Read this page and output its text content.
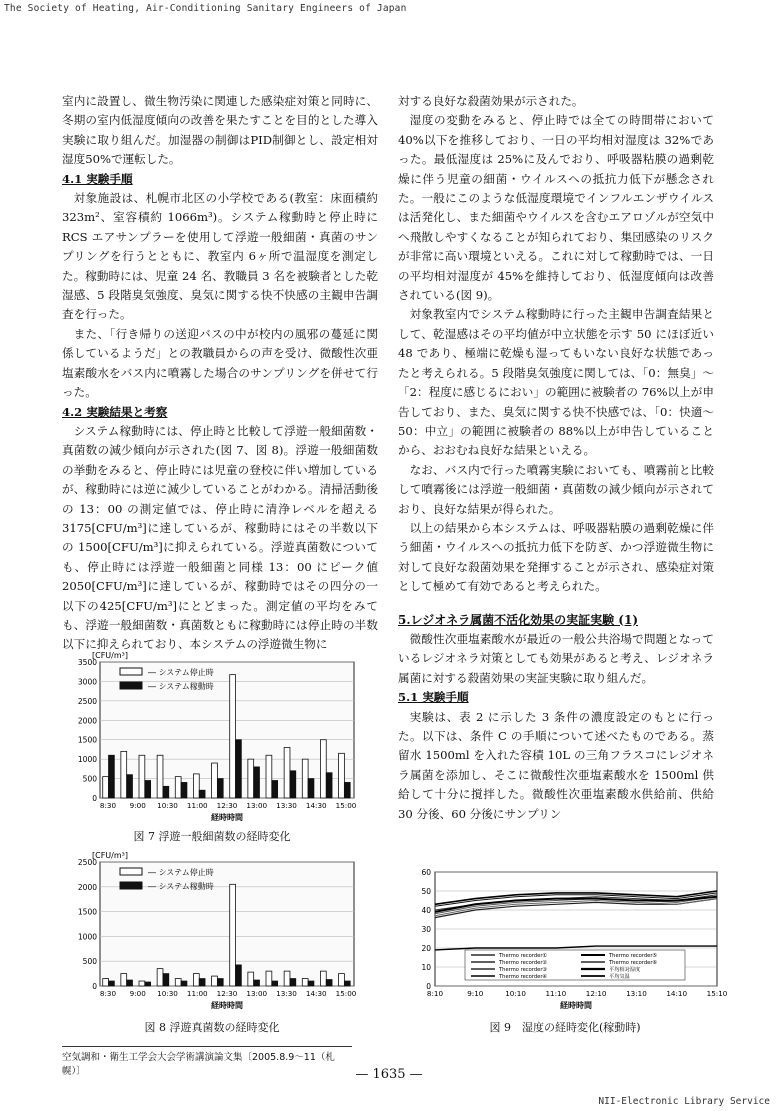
The Society of Heating, Air-Conditioning Sanitary Engineers of Japan

室内に設置し、微生物汚染に関連した感染症対策と同時に、冬期の室内低湿度傾向の改善を果たすことを目的とした導入実験に取り組んだ。加湿器の制御はPID制御とし、設定相対湿度50%で運転した。

4.1 実験手順

対象施設は、札幌市北区の小学校である(教室：床面積約 323m²、室容積約 1066m³)。システム稼動時と停止時に RCS エアサンプラーを使用して浮遊一般細菌・真菌のサンプリングを行うとともに、教室内 6ヶ所で温湿度を測定した。稼動時には、児童 24 名、教職員 3 名を被験者とした乾湿感、5 段階臭気強度、臭気に関する快不快感の主観申告調査を行った。

また、「行き帰りの送迎バスの中が校内の風邪の蔓延に関係しているようだ」との教職員からの声を受け、微酸性次亜塩素酸水をバス内に噴霧した場合のサンプリングを併せて行った。

4.2 実験結果と考察

システム稼動時には、停止時と比較して浮遊一般細菌数・真菌数の減少傾向が示された(図 7、図 8)。浮遊一般細菌数の挙動をみると、停止時には児童の登校に伴い増加しているが、稼動時には逆に減少していることがわかる。清掃活動後の 13：00 の測定値では、停止時に清浄レベルを超える 3175[CFU/m³]に達しているが、稼動時にはその半数以下の 1500[CFU/m³]に抑えられている。浮遊真菌数についても、停止時には浮遊一般細菌と同様 13：00 にピーク値 2050[CFU/m³]に達しているが、稼動時ではその四分の一以下の425[CFU/m³]にとどまった。測定値の平均をみても、浮遊一般細菌数・真菌数ともに稼動時には停止時の半数以下に抑えられており、本システムの浮遊微生物に

対する良好な殺菌効果が示された。

湿度の変動をみると、停止時では全ての時間帯において 40%以下を推移しており、一日の平均相対湿度は 32%であった。最低湿度は 25%に及んでおり、呼吸器粘膜の過剰乾燥に伴う児童の細菌・ウイルスへの抵抗力低下が懸念された。一般にこのような低湿度環境でインフルエンザウイルスは活発化し、また細菌やウイルスを含むエアロゾルが空気中へ飛散しやすくなることが知られており、集団感染のリスクが非常に高い環境といえる。これに対して稼動時では、一日の平均相対湿度が 45%を維持しており、低湿度傾向は改善されている(図 9)。

対象教室内でシステム稼動時に行った主観申告調査結果として、乾湿感はその平均値が中立状態を示す 50 にほぼ近い 48 であり、極端に乾燥も湿ってもいない良好な状態であったと考えられる。5 段階臭気強度に関しては、「0：無臭」～「2：程度に感じるにおい」の範囲に被験者の 76%以上が申告しており、また、臭気に関する快不快感では、「0：快適～50：中立」の範囲に被験者の 88%以上が申告していることから、おおむね良好な結果といえる。

なお、バス内で行った噴霧実験においても、噴霧前と比較して噴霧後には浮遊一般細菌・真菌数の減少傾向が示されており、良好な結果が得られた。

以上の結果から本システムは、呼吸器粘膜の過剰乾燥に伴う細菌・ウイルスへの抵抗力低下を防ぎ、かつ浮遊微生物に対して良好な殺菌効果を発揮することが示され、感染症対策として極めて有効であると考えられた。

5.レジオネラ属菌不活化効果の実証実験 (1)

微酸性次亜塩素酸水が最近の一般公共浴場で問題となっているレジオネラ対策としても効果があると考え、レジオネラ属菌に対する殺菌効果の実証実験に取り組んだ。

5.1 実験手順

実験は、表 2 に示した 3 条件の濃度設定のもとに行った。以下は、条件 C の手順について述べたものである。蒸留水 1500ml を入れた容積 10L の三角フラスコにレジオネラ属菌を添加し、そこに微酸性次亜塩素酸水を 1500ml 供給して十分に撹拌した。微酸性次亜塩素酸水供給前、供給 30 分後、60 分後にサンプリン

[CFU/m³]
0
500
1000
1500
2000
2500
3000
3500
8:30 9:00 10:30 11:00 12:30 13:00 13:30 14:30 15:00
経時時間
― システム停止時
― システム稼動時
図 7 浮遊一般細菌数の経時変化
[CFU/m³]
0
500
1000
1500
2000
2500
8:30 9:00 10:30 11:00 12:30 13:00 13:30 14:30 15:00
経時時間
― システム停止時
― システム稼動時
図 8 浮遊真菌数の経時変化
0
10
20
30
40
50
60
8:10	9:10	10:10	11:10	12:10	13:10	14:10	15:10
経時時間
Thermo recorder①
Thermo recorder②
Thermo recorder③
Thermo recorder④
Thermo recorder⑤
Thermo recorder⑥
平均相対湿度
平均気温
図 9　湿度の経時変化(稼動時)
空気調和・衛生工学会大会学術講演論文集〔2005.8.9～11（札幌）〕	— 1635 —
NII-Electronic Library Service
